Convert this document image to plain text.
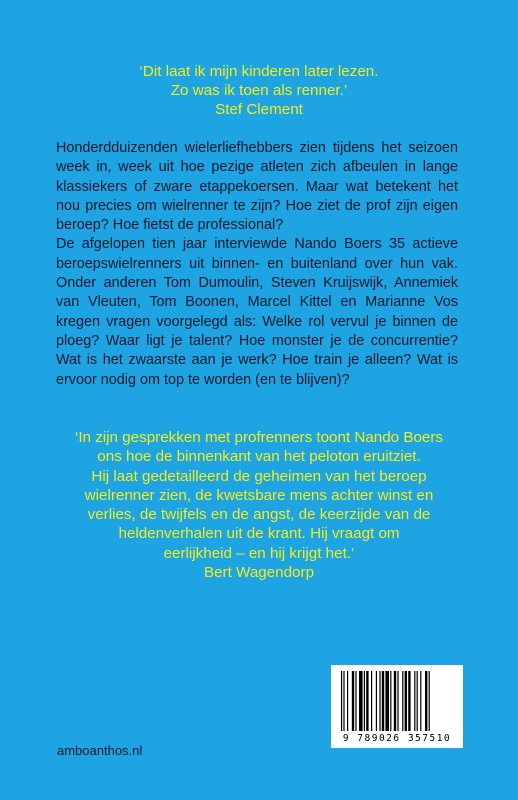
‘Dit laat ik mijn kinderen later lezen.
Zo was ik toen als renner.’
Stef Clement

Honderdduizenden wielerliefhebbers zien tijdens het seizoen week in, week uit hoe pezige atleten zich afbeulen in lange klassiekers of zware etappekoersen. Maar wat betekent het nou precies om wielrenner te zijn? Hoe ziet de prof zijn eigen beroep? Hoe fietst de professional?

De afgelopen tien jaar interviewde Nando Boers 35 actieve beroepswielrenners uit binnen- en buitenland over hun vak. Onder anderen Tom Dumoulin, Steven Kruijswijk, Annemiek van Vleuten, Tom Boonen, Marcel Kittel en Marianne Vos kregen vragen voorgelegd als: Welke rol vervul je binnen de ploeg? Waar ligt je talent? Hoe monster je de concurrentie? Wat is het zwaarste aan je werk? Hoe train je alleen? Wat is ervoor nodig om top te worden (en te blijven)?

‘In zijn gesprekken met profrenners toont Nando Boers
ons hoe de binnenkant van het peloton eruitziet.
Hij laat gedetailleerd de geheimen van het beroep
wielrenner zien, de kwetsbare mens achter winst en
verlies, de twijfels en de angst, de keerzijde van de
heldenverhalen uit de krant. Hij vraagt om
eerlijkheid – en hij krijgt het.’
Bert Wagendorp
amboanthos.nl
9 789026 357510
